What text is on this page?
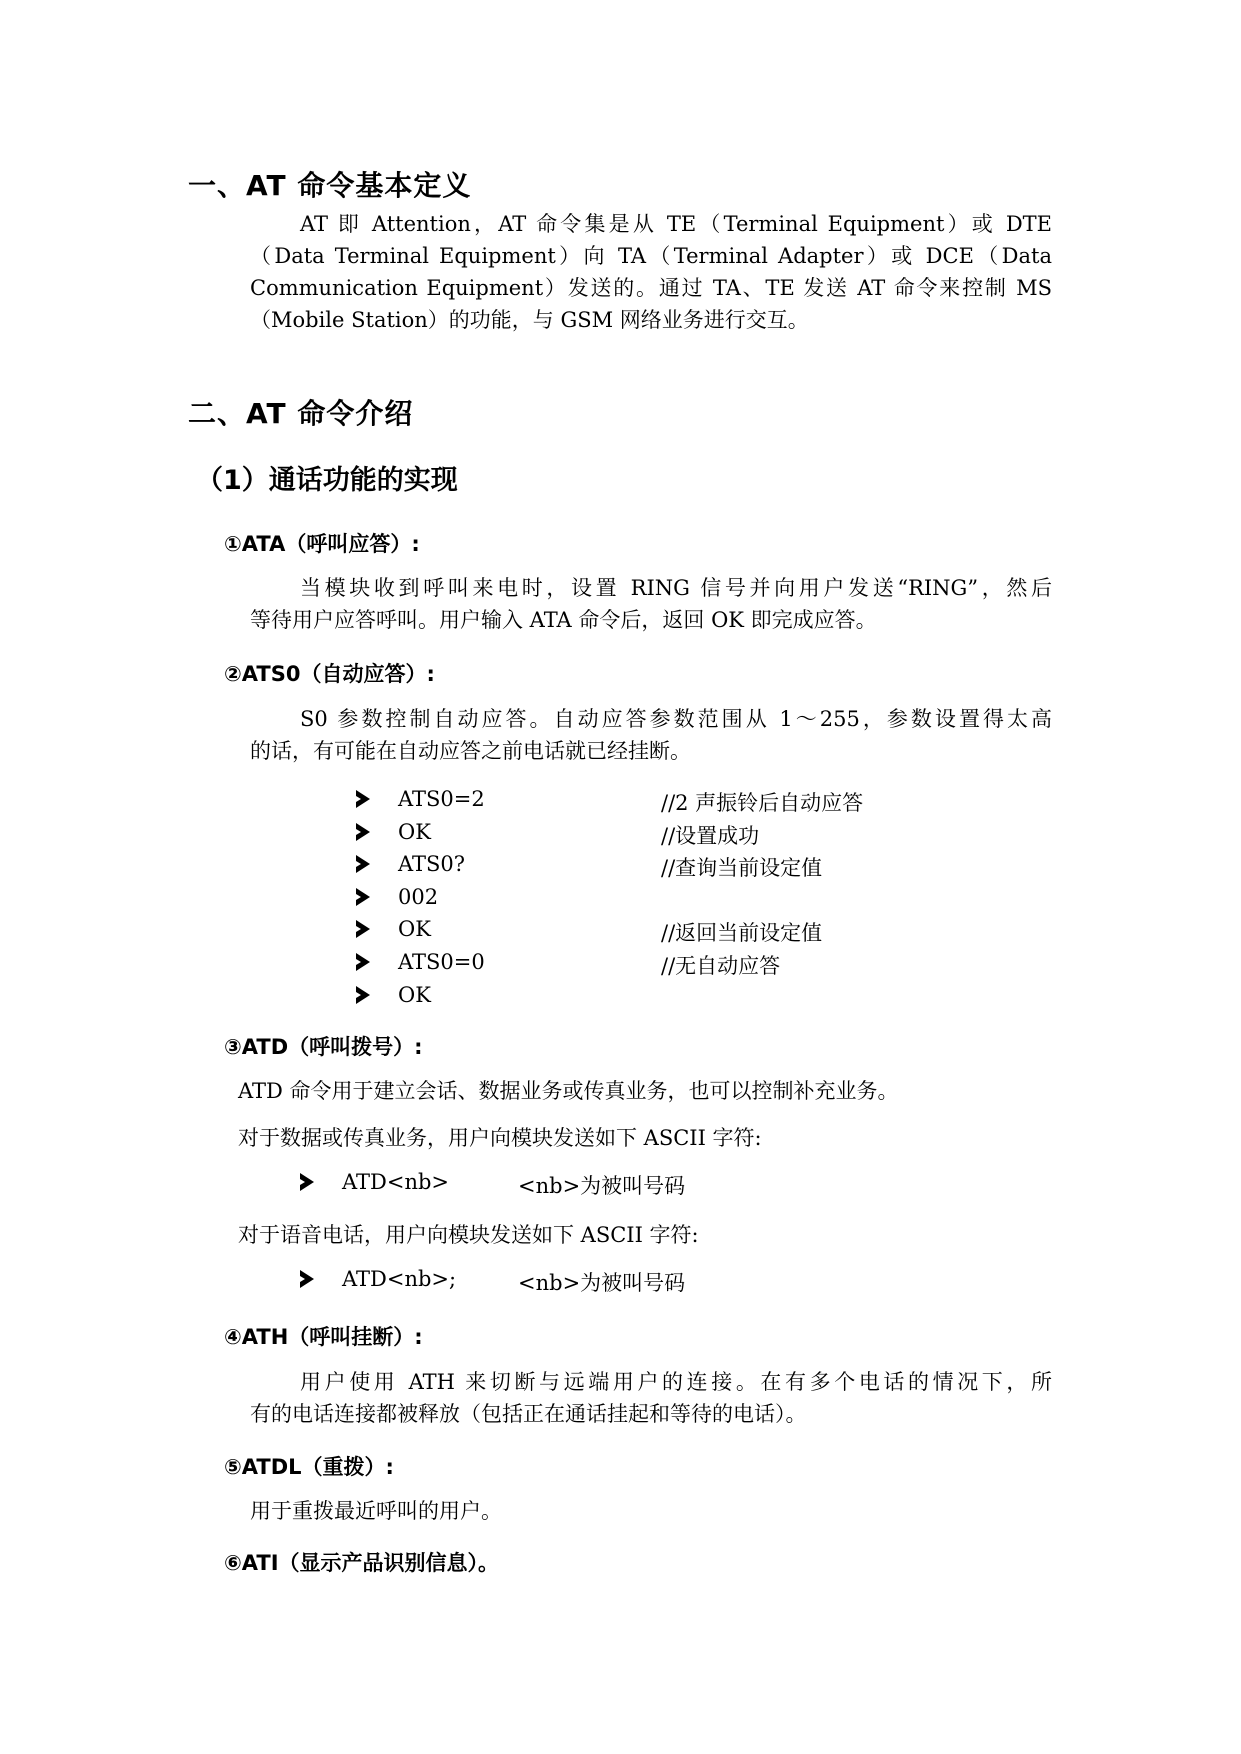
一、AT 命令基本定义
AT 即 Attention，AT 命令集是从 TE（Terminal Equipment）或 DTE
（Data Terminal Equipment）向 TA（Terminal Adapter）或 DCE（Data
Communication Equipment）发送的。通过 TA、TE 发送 AT 命令来控制 MS
（Mobile Station）的功能，与 GSM 网络业务进行交互。
二、AT 命令介绍
（1）通话功能的实现
①ATA（呼叫应答）:
当模块收到呼叫来电时，设置 RING 信号并向用户发送“RING”，然后
等待用户应答呼叫。用户输入 ATA 命令后，返回 OK 即完成应答。
②ATS0（自动应答）:
S0 参数控制自动应答。自动应答参数范围从 1～255，参数设置得太高
的话，有可能在自动应答之前电话就已经挂断。
ATS0=2	//2 声振铃后自动应答
OK	//设置成功
ATS0?	//查询当前设定值
002
OK	//返回当前设定值
ATS0=0	//无自动应答
OK
③ATD（呼叫拨号）:
ATD 命令用于建立会话、数据业务或传真业务，也可以控制补充业务。
对于数据或传真业务，用户向模块发送如下 ASCII 字符:
ATD<nb>	<nb>为被叫号码
对于语音电话，用户向模块发送如下 ASCII 字符:
ATD<nb>;	<nb>为被叫号码
④ATH（呼叫挂断）:
用户使用 ATH 来切断与远端用户的连接。在有多个电话的情况下，所
有的电话连接都被释放（包括正在通话挂起和等待的电话）。
⑤ATDL（重拨）:
用于重拨最近呼叫的用户。
⑥ATI（显示产品识别信息）。
